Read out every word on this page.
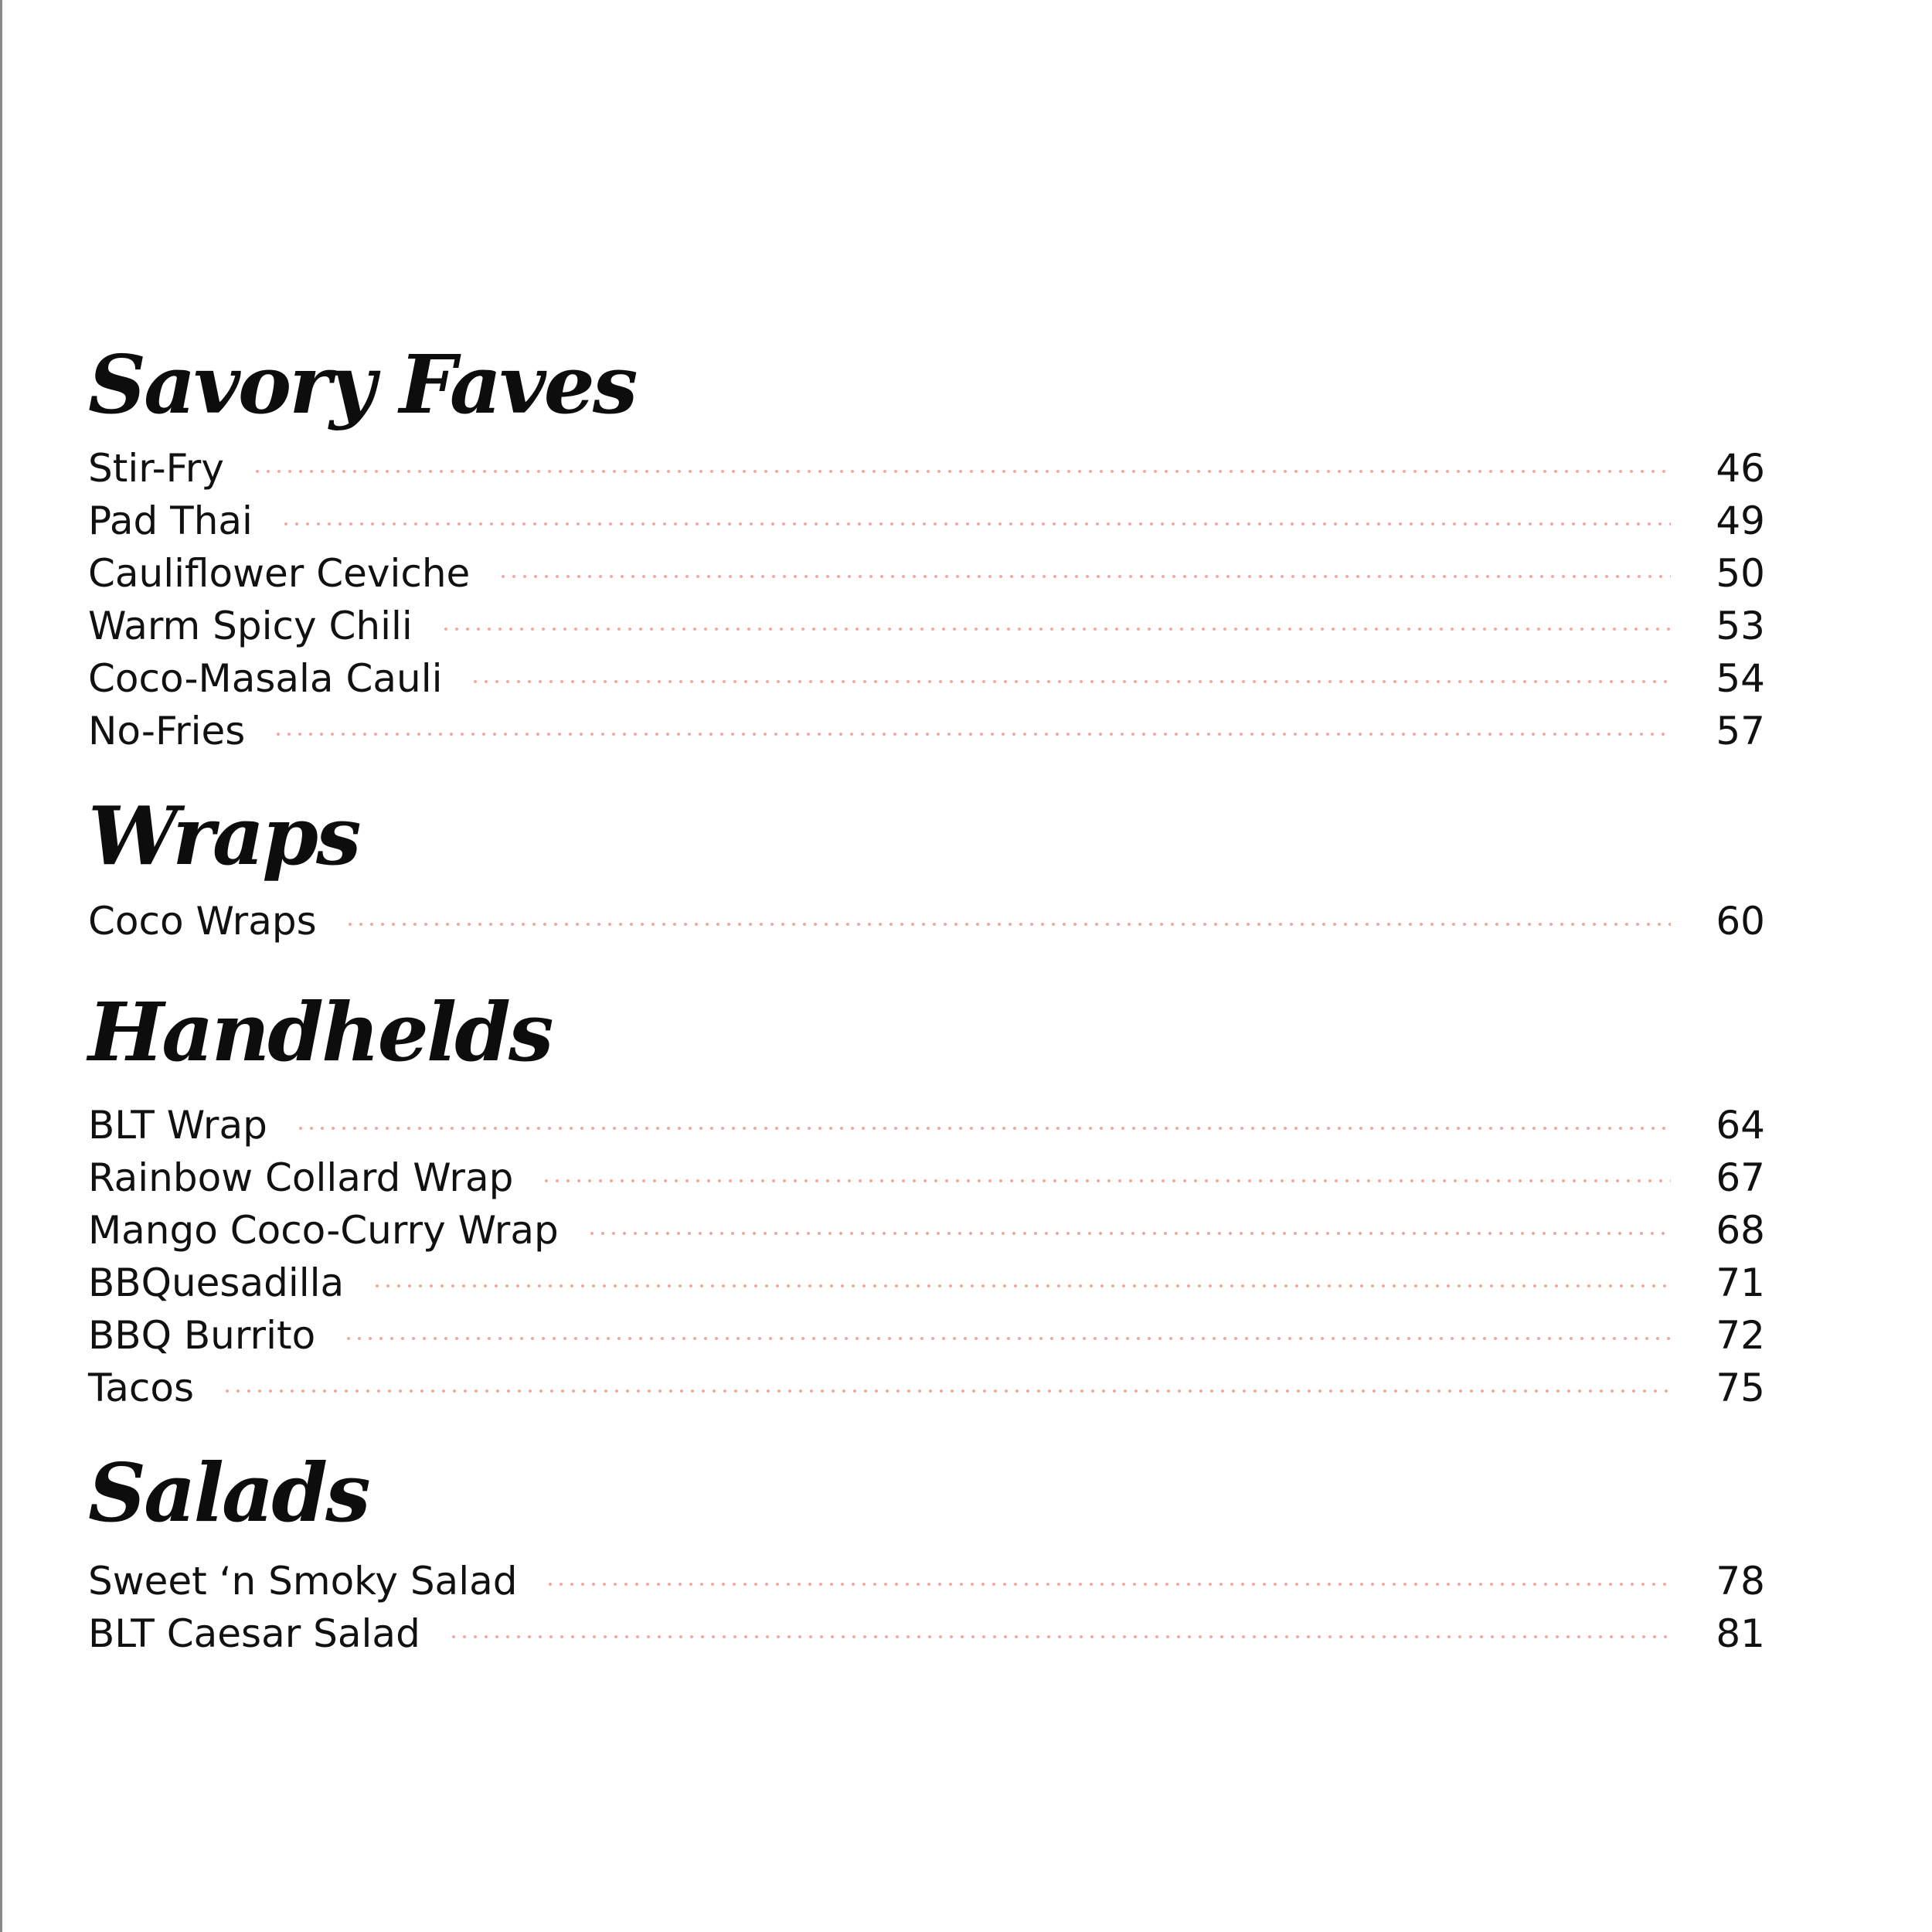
Savory Faves
Stir-Fry	46
Pad Thai	49
Cauliflower Ceviche	50
Warm Spicy Chili	53
Coco-Masala Cauli	54
No-Fries	57
Wraps
Coco Wraps	60
Handhelds
BLT Wrap	64
Rainbow Collard Wrap	67
Mango Coco-Curry Wrap	68
BBQuesadilla	71
BBQ Burrito	72
Tacos	75
Salads
Sweet ‘n Smoky Salad	78
BLT Caesar Salad	81
